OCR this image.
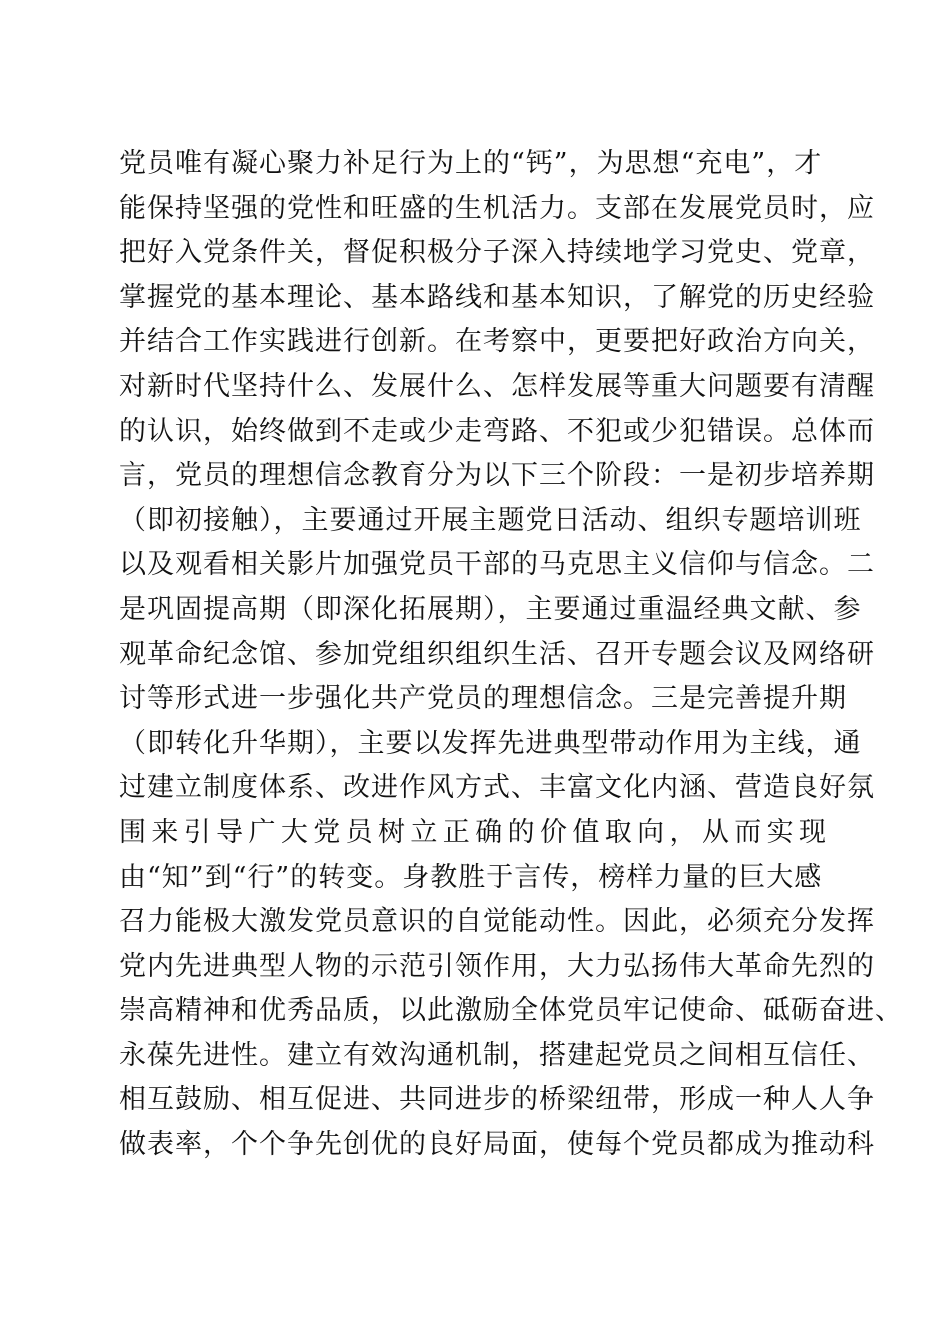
党员唯有凝心聚力补足行为上的“钙”，为思想“充电”，才
能保持坚强的党性和旺盛的生机活力。支部在发展党员时，应
把好入党条件关，督促积极分子深入持续地学习党史、党章，
掌握党的基本理论、基本路线和基本知识，了解党的历史经验
并结合工作实践进行创新。在考察中，更要把好政治方向关，
对新时代坚持什么、发展什么、怎样发展等重大问题要有清醒
的认识，始终做到不走或少走弯路、不犯或少犯错误。总体而
言，党员的理想信念教育分为以下三个阶段：一是初步培养期
（即初接触），主要通过开展主题党日活动、组织专题培训班
以及观看相关影片加强党员干部的马克思主义信仰与信念。二
是巩固提高期（即深化拓展期），主要通过重温经典文献、参
观革命纪念馆、参加党组织组织生活、召开专题会议及网络研
讨等形式进一步强化共产党员的理想信念。三是完善提升期
（即转化升华期），主要以发挥先进典型带动作用为主线，通
过建立制度体系、改进作风方式、丰富文化内涵、营造良好氛
围来引导广大党员树立正确的价值取向，从而实现
由“知”到“行”的转变。身教胜于言传，榜样力量的巨大感
召力能极大激发党员意识的自觉能动性。因此，必须充分发挥
党内先进典型人物的示范引领作用，大力弘扬伟大革命先烈的
崇高精神和优秀品质，以此激励全体党员牢记使命、砥砺奋进、
永葆先进性。建立有效沟通机制，搭建起党员之间相互信任、
相互鼓励、相互促进、共同进步的桥梁纽带，形成一种人人争
做表率，个个争先创优的良好局面，使每个党员都成为推动科
